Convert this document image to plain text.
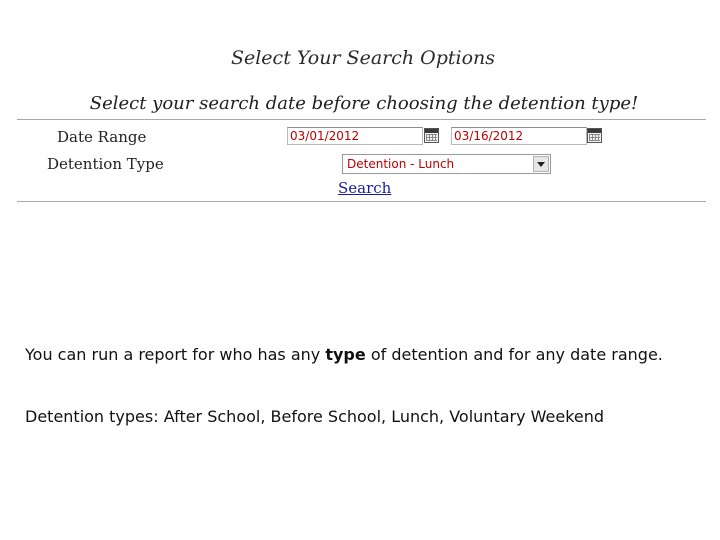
Select Your Search Options
Select your search date before choosing the detention type!
Date Range
03/01/2012
03/16/2012
Detention Type	Detention - Lunch
Search
You can run a report for who has any type of detention and for any date range.
Detention types: After School, Before School, Lunch, Voluntary Weekend
